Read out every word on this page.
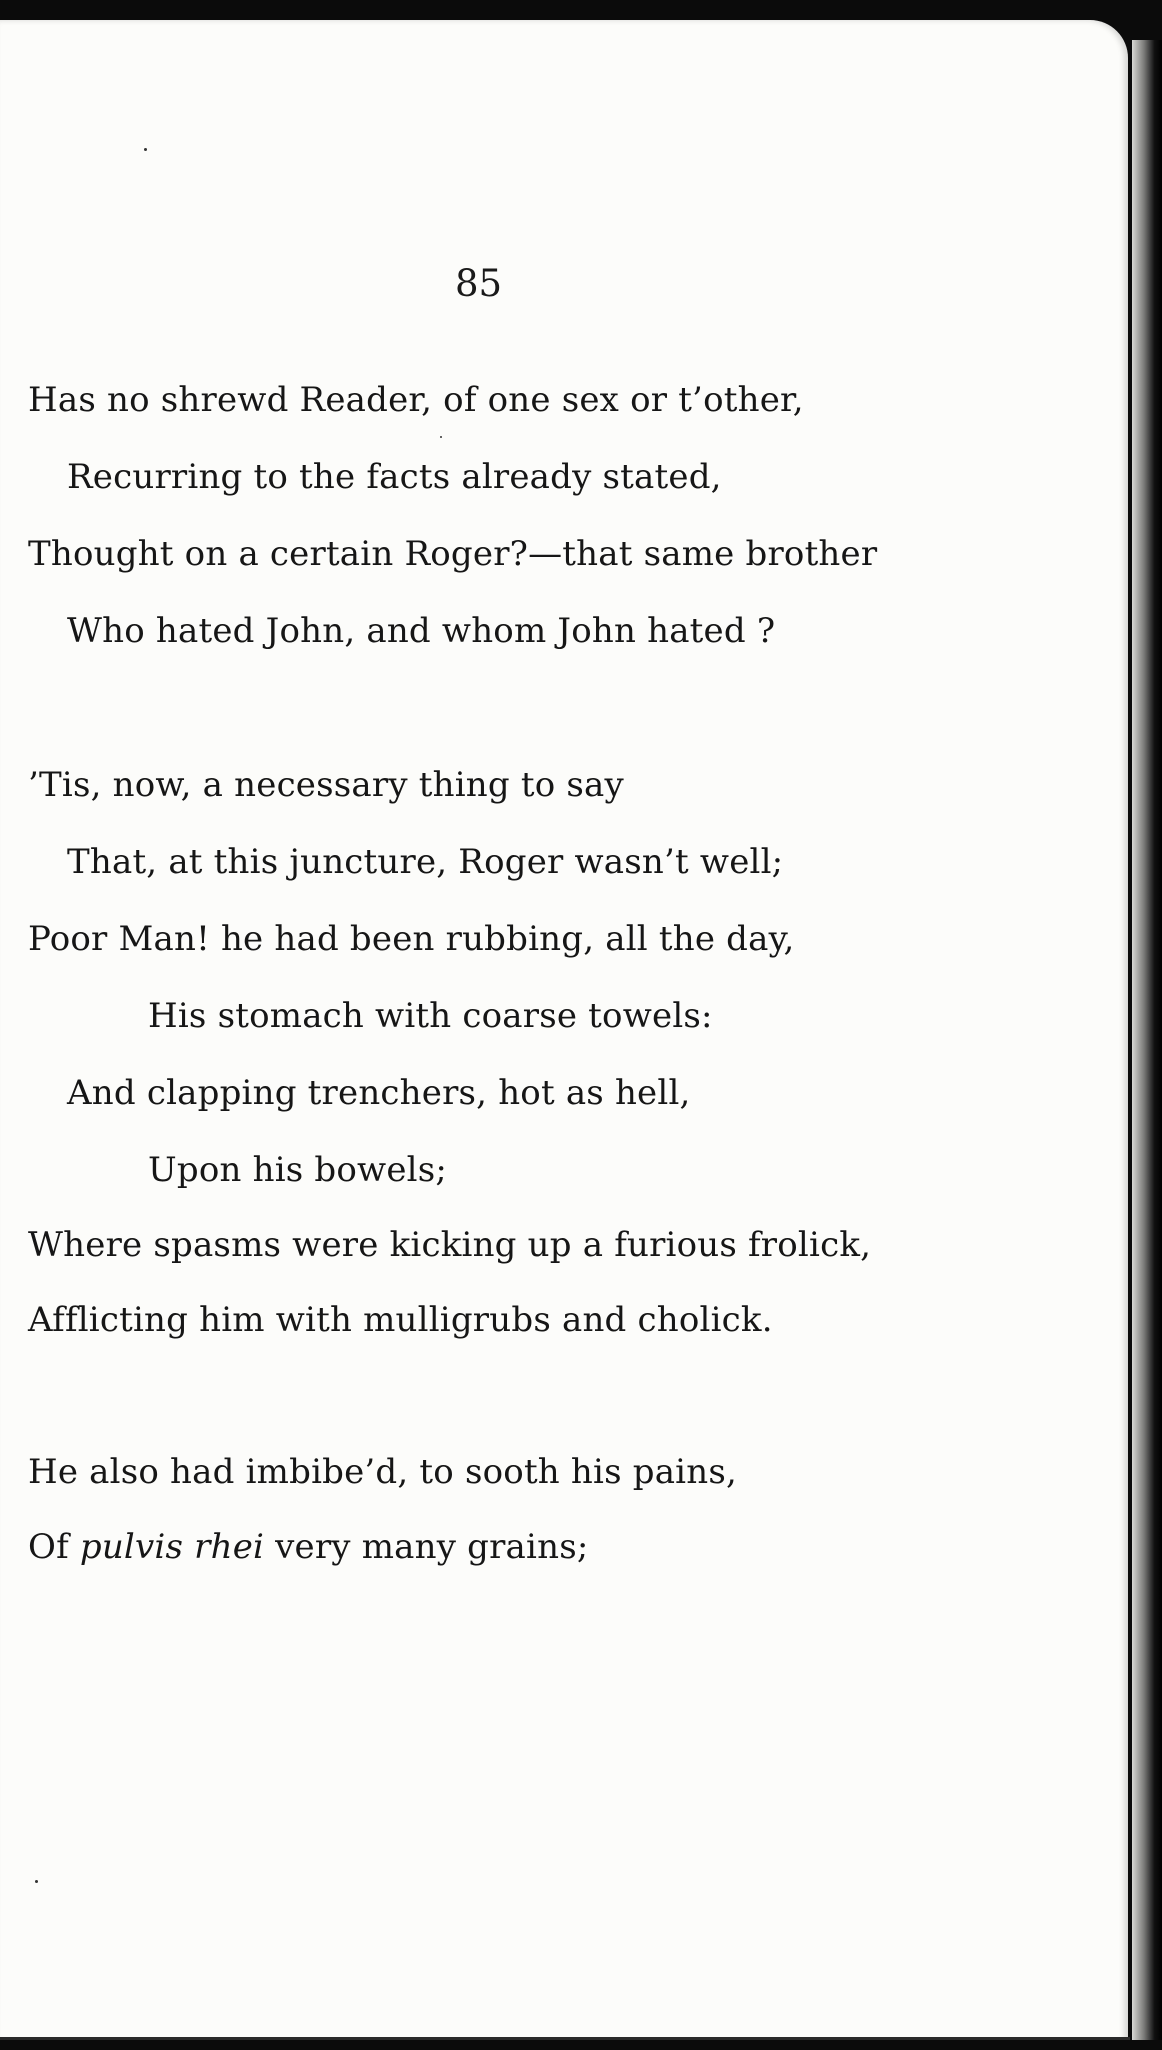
85

Has no shrewd Reader, of one sex or t’other,

Recurring to the facts already stated,

Thought on a certain Roger?—that same brother

Who hated John, and whom John hated ?

’Tis, now, a necessary thing to say

That, at this juncture, Roger wasn’t well;

Poor Man! he had been rubbing, all the day,

His stomach with coarse towels:

And clapping trenchers, hot as hell,

Upon his bowels;

Where spasms were kicking up a furious frolick,

Afflicting him with mulligrubs and cholick.

He also had imbibe’d, to sooth his pains,

Of pulvis rhei very many grains;
